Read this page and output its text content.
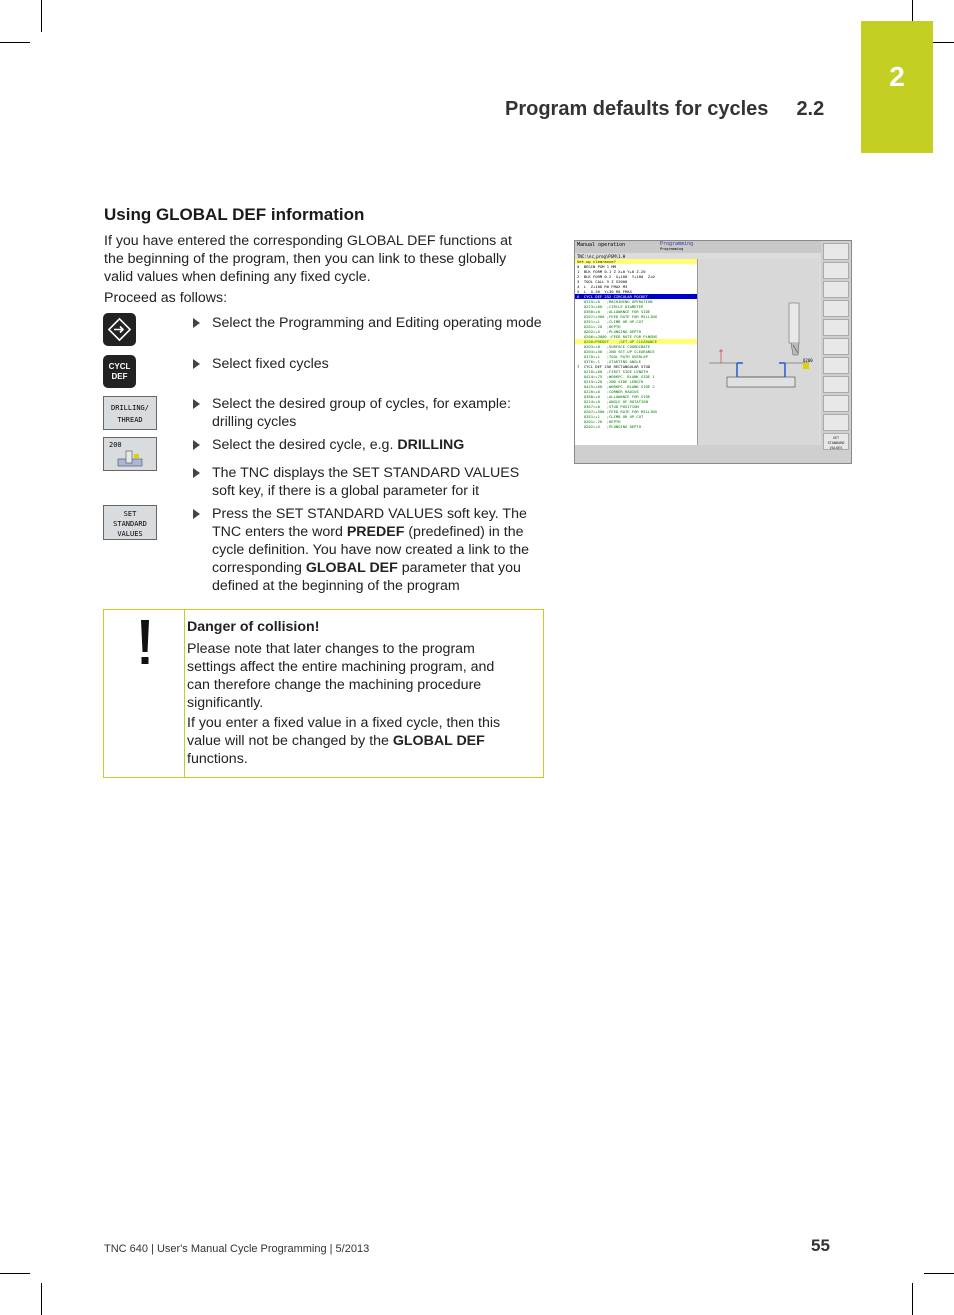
2
Program defaults for cycles 2.2
Using GLOBAL DEF information
If you have entered the corresponding GLOBAL DEF functions at the beginning of the program, then you can link to these globally valid values when defining any fixed cycle.
Proceed as follows:
CYCL
DEF
DRILLING/
THREAD
200
SET
STANDARD
VALUES
Select the Programming and Editing operating mode
Select fixed cycles
Select the desired group of cycles, for example: drilling cycles
Select the desired cycle, e.g. DRILLING
The TNC displays the SET STANDARD VALUES soft key, if there is a global parameter for it
Press the SET STANDARD VALUES soft key. The TNC enters the word PREDEF (predefined) in the cycle definition. You have now created a link to the corresponding GLOBAL DEF parameter that you defined at the beginning of the program
Danger of collision!
Please note that later changes to the program settings affect the entire machining program, and can therefore change the machining procedure significantly.
If you enter a fixed value in a fixed cycle, then this value will not be changed by the GLOBAL DEF functions.
Manual operation	Programming
Programming
TNC:\nc_prog\PGM\1.H
Set-up clearance?
0  BEGIN PGM 1 MM
1  BLK FORM 0.1 Z X+0 Y+0 Z-20
2  BLK FORM 0.2  X+100  Y+100  Z+0
3  TOOL CALL 5 Z S2000
4  L  Z+100 R0 FMAX M3
5  L  X-30  Y+30 R0 FMAX
6  CYCL DEF 252 CIRCULAR POCKET
Q215=+0   ;MACHINING OPERATION
Q223=+60  ;CIRCLE DIAMETER
Q368=+0   ;ALLOWANCE FOR SIDE
Q207=+500 ;FEED RATE FOR MILLING
Q351=+1   ;CLIMB OR UP-CUT
Q201=-20  ;DEPTH
Q202=+5   ;PLUNGING DEPTH
Q206=+3000 ;FEED RATE FOR PLNGNG
Q200=PREDEF    ;SET-UP CLEARANCE
Q203=+0   ;SURFACE COORDINATE
Q204=+50  ;2ND SET-UP CLEARANCE
Q370=+1   ;TOOL PATH OVERLAP
Q376=-1   ;STARTING ANGLE
7  CYCL DEF 256 RECTANGULAR STUD
Q218=+60  ;FIRST SIDE LENGTH
Q424=+75  ;WORKPC. BLANK SIDE 1
Q219=+20  ;2ND SIDE LENGTH
Q425=+60  ;WORKPC. BLANK SIDE 2
Q220=+0   ;CORNER RADIUS
Q368=+0   ;ALLOWANCE FOR SIDE
Q224=+0   ;ANGLE OF ROTATION
Q367=+0   ;STUD POSITION
Q207=+500 ;FEED RATE FOR MILLING
Q351=+1   ;CLIMB OR UP-CUT
Q201=-20  ;DEPTH
Q202=+5   ;PLUNGING DEPTH
Q200
SET STANDARD VALUES
TNC 640 | User's Manual Cycle Programming | 5/2013	55
